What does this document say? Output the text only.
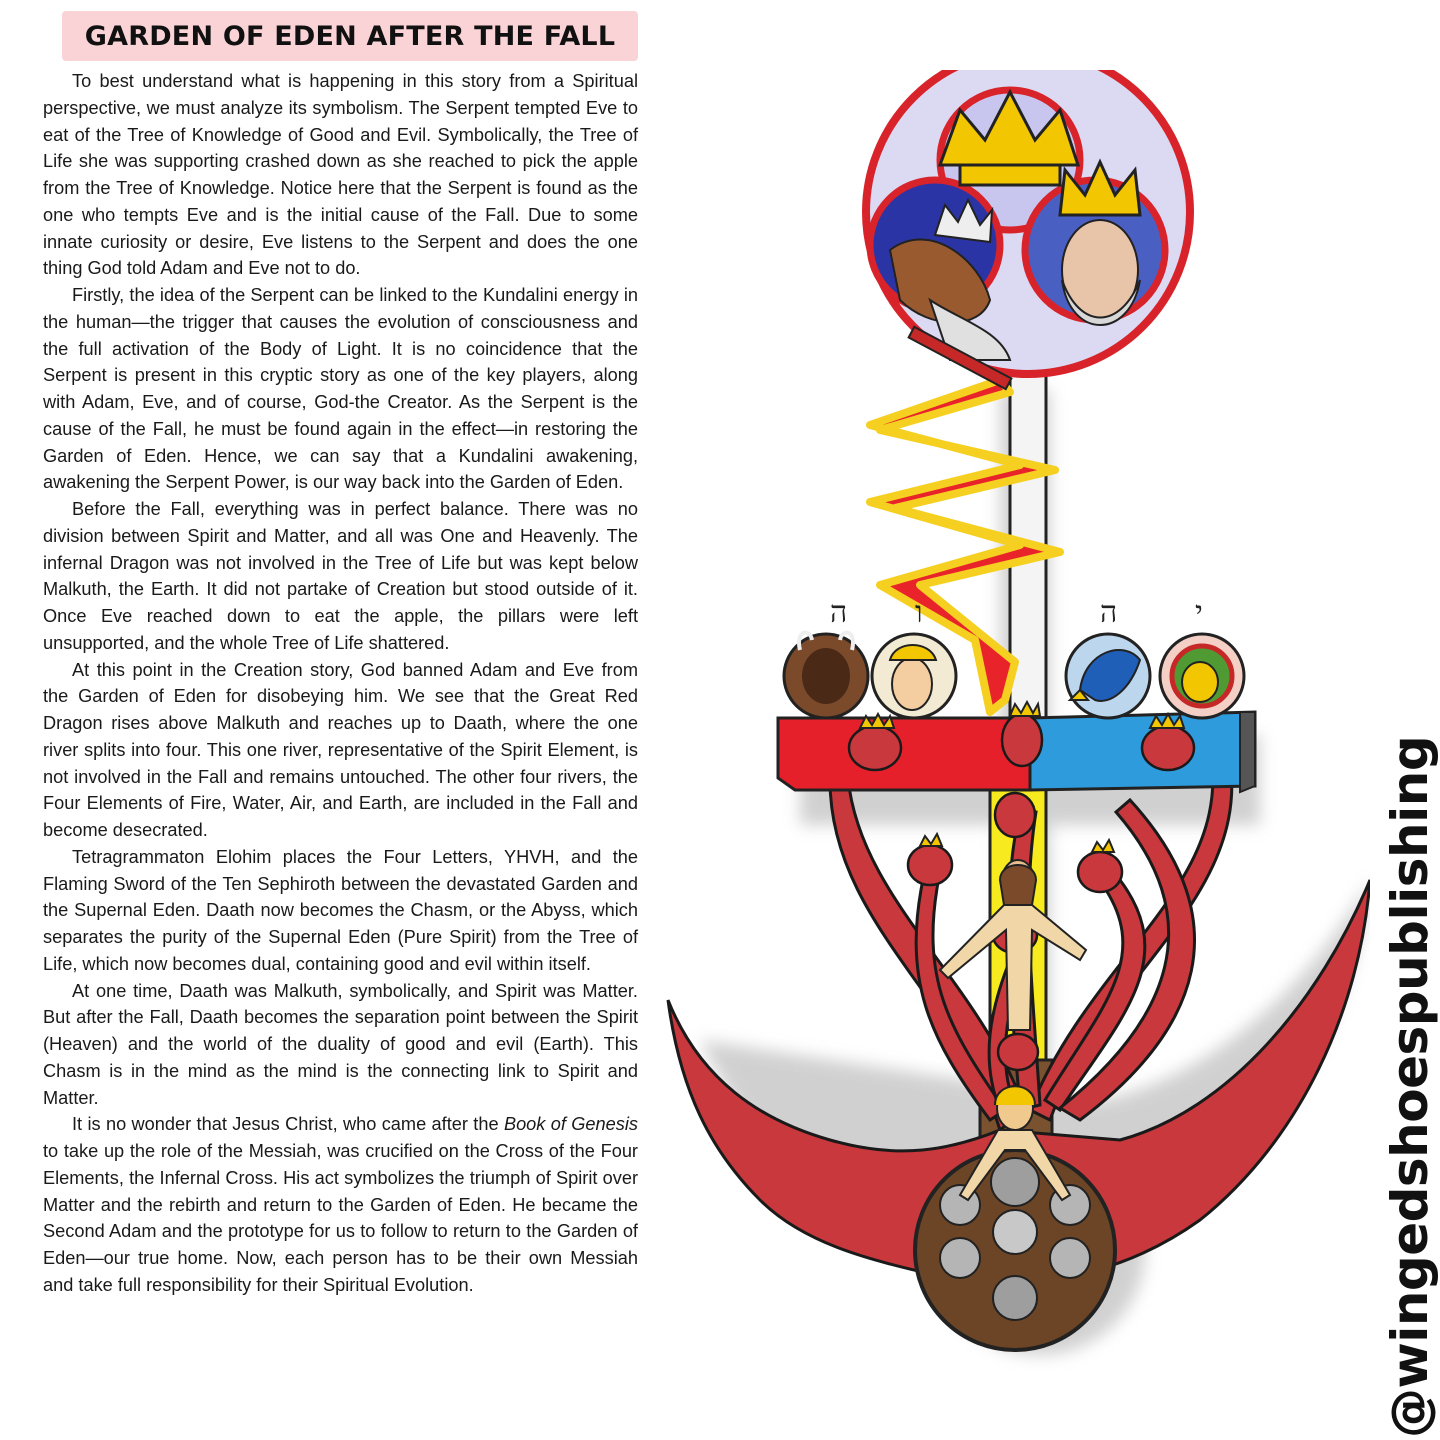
GARDEN OF EDEN AFTER THE FALL

To best understand what is happening in this story from a Spiritual perspective, we must analyze its symbolism. The Serpent tempted Eve to eat of the Tree of Knowledge of Good and Evil. Symbolically, the Tree of Life she was supporting crashed down as she reached to pick the apple from the Tree of Knowledge. Notice here that the Serpent is found as the one who tempts Eve and is the initial cause of the Fall. Due to some innate curiosity or desire, Eve listens to the Serpent and does the one thing God told Adam and Eve not to do.

Firstly, the idea of the Serpent can be linked to the Kundalini energy in the human—the trigger that causes the evolution of consciousness and the full activation of the Body of Light. It is no coincidence that the Serpent is present in this cryptic story as one of the key players, along with Adam, Eve, and of course, God-the Creator. As the Serpent is the cause of the Fall, he must be found again in the effect—in restoring the Garden of Eden. Hence, we can say that a Kundalini awakening, awakening the Serpent Power, is our way back into the Garden of Eden.

Before the Fall, everything was in perfect balance. There was no division between Spirit and Matter, and all was One and Heavenly. The infernal Dragon was not involved in the Tree of Life but was kept below Malkuth, the Earth. It did not partake of Creation but stood outside of it. Once Eve reached down to eat the apple, the pillars were left unsupported, and the whole Tree of Life shattered.

At this point in the Creation story, God banned Adam and Eve from the Garden of Eden for disobeying him. We see that the Great Red Dragon rises above Malkuth and reaches up to Daath, where the one river splits into four. This one river, representative of the Spirit Element, is not involved in the Fall and remains untouched. The other four rivers, the Four Elements of Fire, Water, Air, and Earth, are included in the Fall and become desecrated.

Tetragrammaton Elohim places the Four Letters, YHVH, and the Flaming Sword of the Ten Sephiroth between the devastated Garden and the Supernal Eden. Daath now becomes the Chasm, or the Abyss, which separates the purity of the Supernal Eden (Pure Spirit) from the Tree of Life, which now becomes dual, containing good and evil within itself.

At one time, Daath was Malkuth, symbolically, and Spirit was Matter. But after the Fall, Daath becomes the separation point between the Spirit (Heaven) and the world of the duality of good and evil (Earth). This Chasm is in the mind as the mind is the connecting link to Spirit and Matter.

It is no wonder that Jesus Christ, who came after the Book of Genesis to take up the role of the Messiah, was crucified on the Cross of the Four Elements, the Infernal Cross. His act symbolizes the triumph of Spirit over Matter and the rebirth and return to the Garden of Eden. He became the Second Adam and the prototype for us to follow to return to the Garden of Eden—our true home. Now, each person has to be their own Messiah and take full responsibility for their Spiritual Evolution.

ה ו	ה	י
@wingedshoespublishing
